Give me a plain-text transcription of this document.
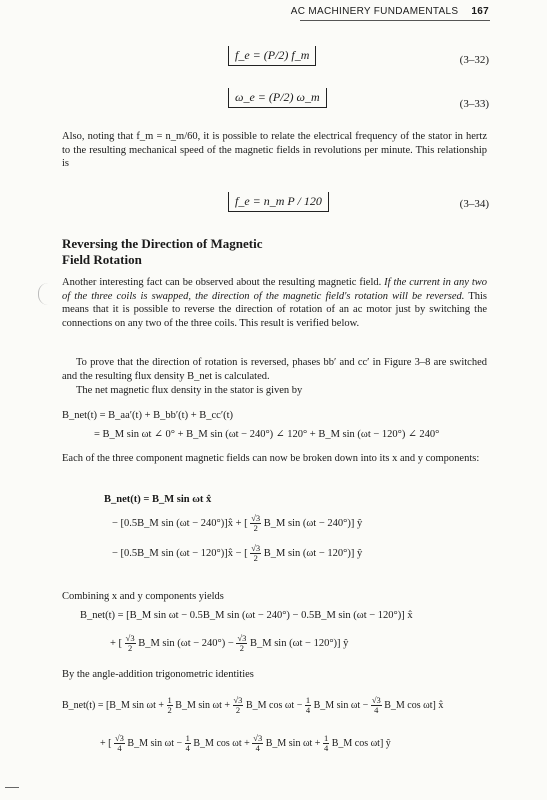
AC MACHINERY FUNDAMENTALS 167
f_e = (P/2) f_m	(3–32)
ω_e = (P/2) ω_m	(3–33)
Also, noting that f_m = n_m/60, it is possible to relate the electrical frequency of the stator in hertz to the resulting mechanical speed of the magnetic fields in revolutions per minute. This relationship is
f_e = n_m P / 120	(3–34)
Reversing the Direction of Magnetic
Field Rotation
Another interesting fact can be observed about the resulting magnetic field. If the current in any two of the three coils is swapped, the direction of the magnetic field's rotation will be reversed. This means that it is possible to reverse the direction of rotation of an ac motor just by switching the connections on any two of the three coils. This result is verified below.
To prove that the direction of rotation is reversed, phases bb′ and cc′ in Figure 3–8 are switched and the resulting flux density B_net is calculated.
The net magnetic flux density in the stator is given by
B_net(t) = B_aa′(t) + B_bb′(t) + B_cc′(t)
= B_M sin ωt ∠ 0° + B_M sin (ωt − 240°) ∠ 120° + B_M sin (ωt − 120°) ∠ 240°
Each of the three component magnetic fields can now be broken down into its x and y components:
B_net(t) = B_M sin ωt x̂
− [0.5B_M sin (ωt − 240°)]x̂ + [ $\frac{√3}{2}$ B_M sin (ωt − 240°)] ŷ
− [0.5B_M sin (ωt − 120°)]x̂ − [ $\frac{√3}{2}$ B_M sin (ωt − 120°)] ŷ
Combining x and y components yields
B_net(t) = [B_M sin ωt − 0.5B_M sin (ωt − 240°) − 0.5B_M sin (ωt − 120°)] x̂
+ [ $\frac{√3}{2}$ B_M $\sin (\omega t - 240^\circ) - \frac{√3}{2}$ B_M sin (ωt − 120°)] ŷ
By the angle-addition trigonometric identities
B_net(t) = [B_M $\sin \omega t + \frac{1}{2}$ B_M $\sin \omega t + \frac{√3}{2}$ B_M $\cos \omega t - \frac{1}{4}$ B_M $\sin \omega t - \frac{√3}{4}$ B_M cos ωt] x̂
+ [ $\frac{√3}{4}$ B_M $\sin \omega t - \frac{1}{4}$ B_M $\cos \omega t + \frac{√3}{4}$ B_M $\sin \omega t + \frac{1}{4}$ B_M cos ωt] ŷ
